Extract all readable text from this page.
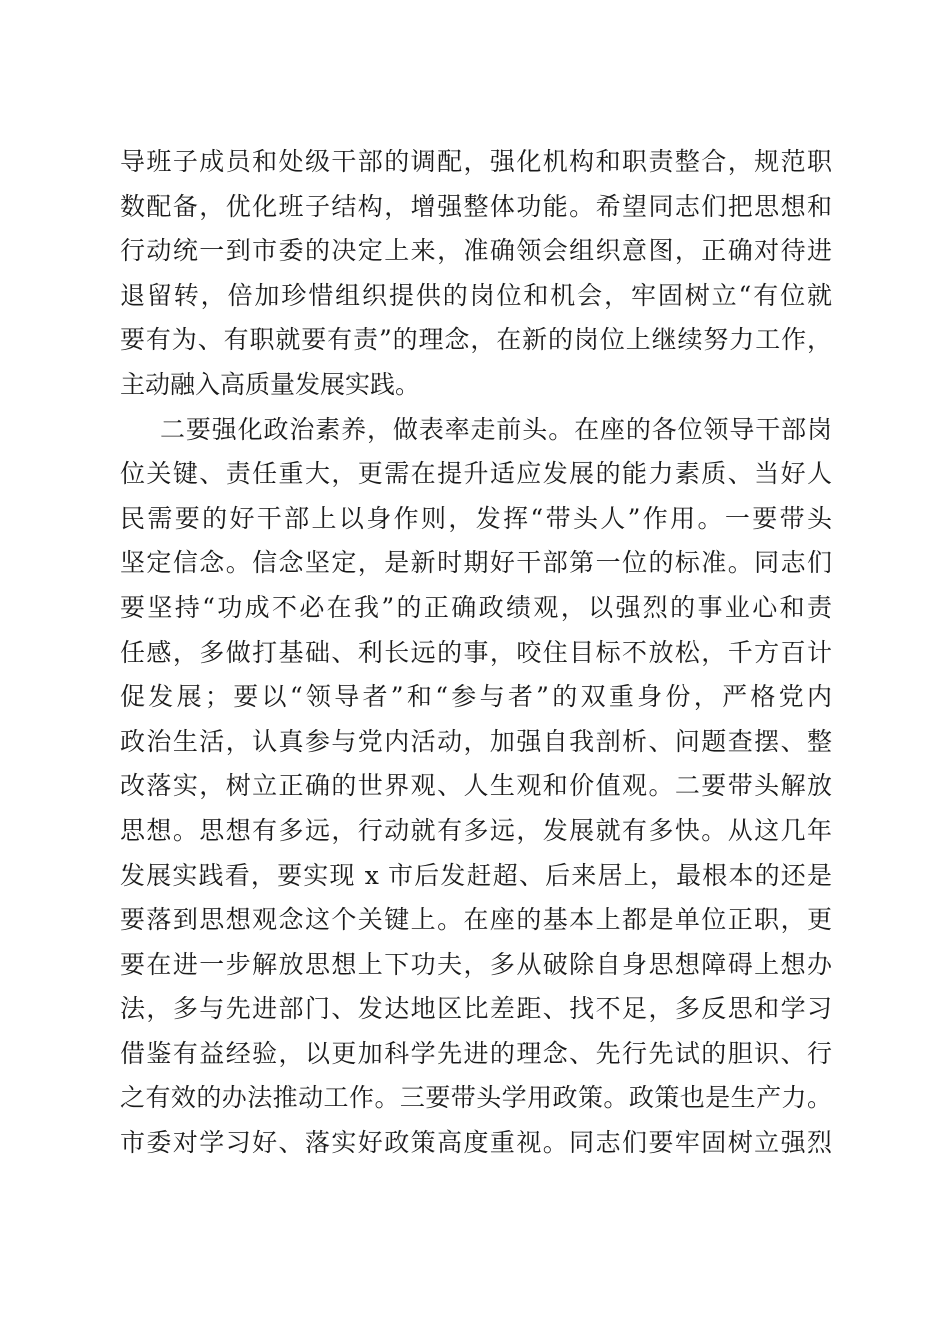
导班子成员和处级干部的调配，强化机构和职责整合，规范职
数配备，优化班子结构，增强整体功能。希望同志们把思想和
行动统一到市委的决定上来，准确领会组织意图，正确对待进
退留转，倍加珍惜组织提供的岗位和机会，牢固树立“有位就
要有为、有职就要有责”的理念，在新的岗位上继续努力工作，
主动融入高质量发展实践。
二要强化政治素养，做表率走前头。在座的各位领导干部岗
位关键、责任重大，更需在提升适应发展的能力素质、当好人
民需要的好干部上以身作则，发挥“带头人”作用。一要带头
坚定信念。信念坚定，是新时期好干部第一位的标准。同志们
要坚持“功成不必在我”的正确政绩观，以强烈的事业心和责
任感，多做打基础、利长远的事，咬住目标不放松，千方百计
促发展；要以“领导者”和“参与者”的双重身份，严格党内
政治生活，认真参与党内活动，加强自我剖析、问题查摆、整
改落实，树立正确的世界观、人生观和价值观。二要带头解放
思想。思想有多远，行动就有多远，发展就有多快。从这几年
发展实践看，要实现 x 市后发赶超、后来居上，最根本的还是
要落到思想观念这个关键上。在座的基本上都是单位正职，更
要在进一步解放思想上下功夫，多从破除自身思想障碍上想办
法，多与先进部门、发达地区比差距、找不足，多反思和学习
借鉴有益经验，以更加科学先进的理念、先行先试的胆识、行
之有效的办法推动工作。三要带头学用政策。政策也是生产力。
市委对学习好、落实好政策高度重视。同志们要牢固树立强烈
